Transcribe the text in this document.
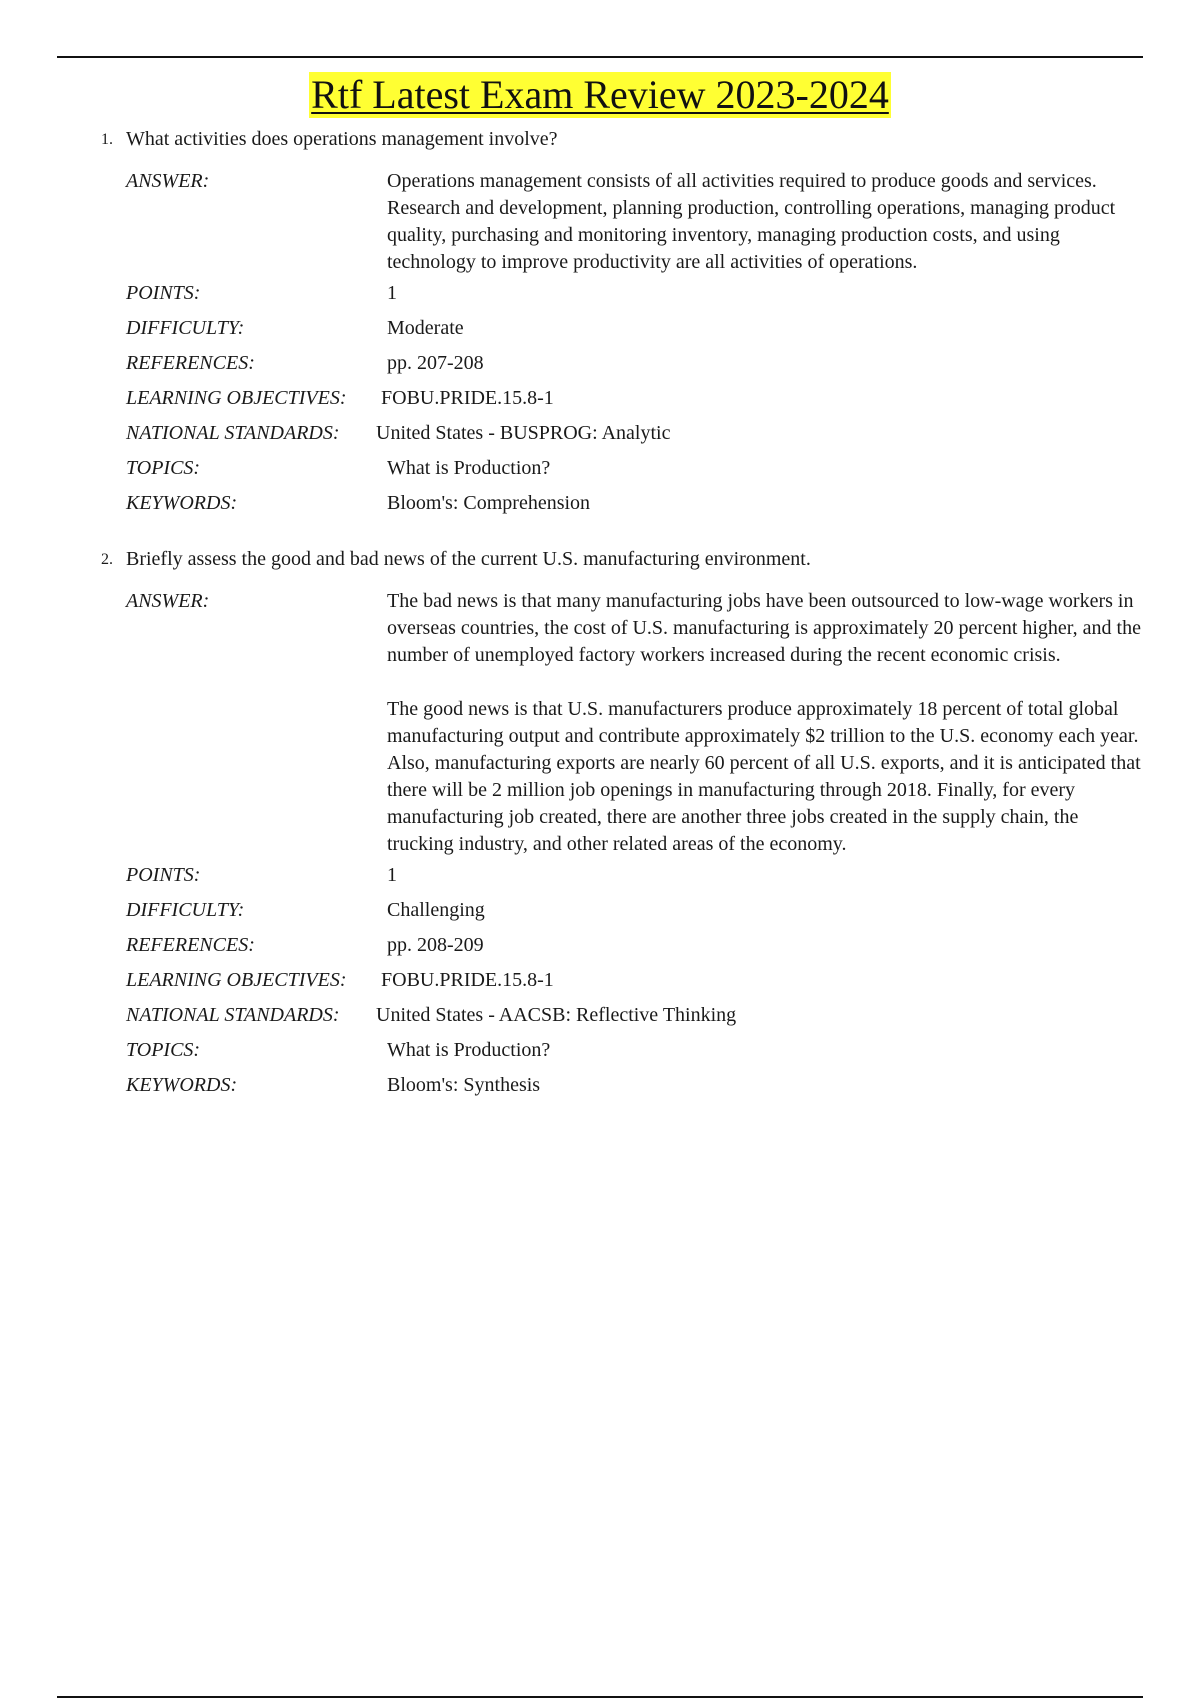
Rtf Latest Exam Review 2023-2024
1. What activities does operations management involve?
ANSWER:	Operations management consists of all activities required to produce goods and services. Research and development, planning production, controlling operations, managing product quality, purchasing and monitoring inventory, managing production costs, and using technology to improve productivity are all activities of operations.

POINTS:	1
DIFFICULTY:	Moderate
REFERENCES:	pp. 207-208
LEARNING OBJECTIVES: FOBU.PRIDE.15.8-1
NATIONAL STANDARDS: United States - BUSPROG: Analytic
TOPICS:	What is Production?
KEYWORDS:	Bloom's: Comprehension
2. Briefly assess the good and bad news of the current U.S. manufacturing environment.
ANSWER:	The bad news is that many manufacturing jobs have been outsourced to low-wage workers in overseas countries, the cost of U.S. manufacturing is approximately 20 percent higher, and the number of unemployed factory workers increased during the recent economic crisis.

The good news is that U.S. manufacturers produce approximately 18 percent of total global manufacturing output and contribute approximately $2 trillion to the U.S. economy each year. Also, manufacturing exports are nearly 60 percent of all U.S. exports, and it is anticipated that there will be 2 million job openings in manufacturing through 2018. Finally, for every manufacturing job created, there are another three jobs created in the supply chain, the trucking industry, and other related areas of the economy.

POINTS:	1
DIFFICULTY:	Challenging
REFERENCES:	pp. 208-209
LEARNING OBJECTIVES: FOBU.PRIDE.15.8-1
NATIONAL STANDARDS: United States - AACSB: Reflective Thinking
TOPICS:	What is Production?
KEYWORDS:	Bloom's: Synthesis
